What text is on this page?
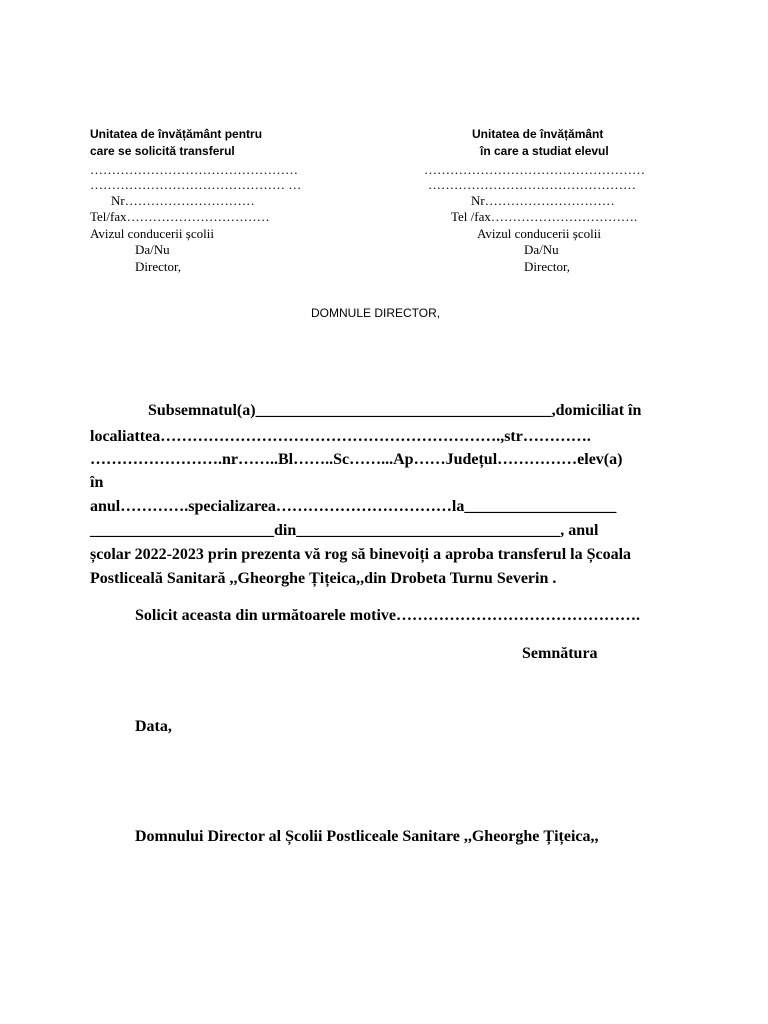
Unitatea de învățământ pentru
care se solicită transferul
…………………………………………
……………………………………… …
Nr…………………………
Tel/fax……………………………
Avizul conducerii școlii
Da/Nu
Director,
Unitatea de învățământ
în care a studiat elevul
……………………………………………
…………………………………………
Nr…………………………
Tel /fax…………………………….
Avizul conducerii școlii
Da/Nu
Director,
DOMNULE DIRECTOR,
Subsemnatul(a)_____________________________________,domiciliat în
localiattea……………………………………………………….,str………….
…………………….nr……..Bl……..Sc……...Ap……Județul……………elev(a)
în
anul………….specializarea……………………………la___________________
_______________________din_________________________________, anul
școlar 2022-2023 prin prezenta vă rog să binevoiți a aproba transferul la Școala
Postliceală Sanitară ,,Gheorghe Țițeica,,din Drobeta Turnu Severin .
Solicit aceasta din următoarele motive……………………………………….
Semnătura
Data,
Domnului Director al Școlii Postliceale Sanitare ,,Gheorghe Țițeica,,
